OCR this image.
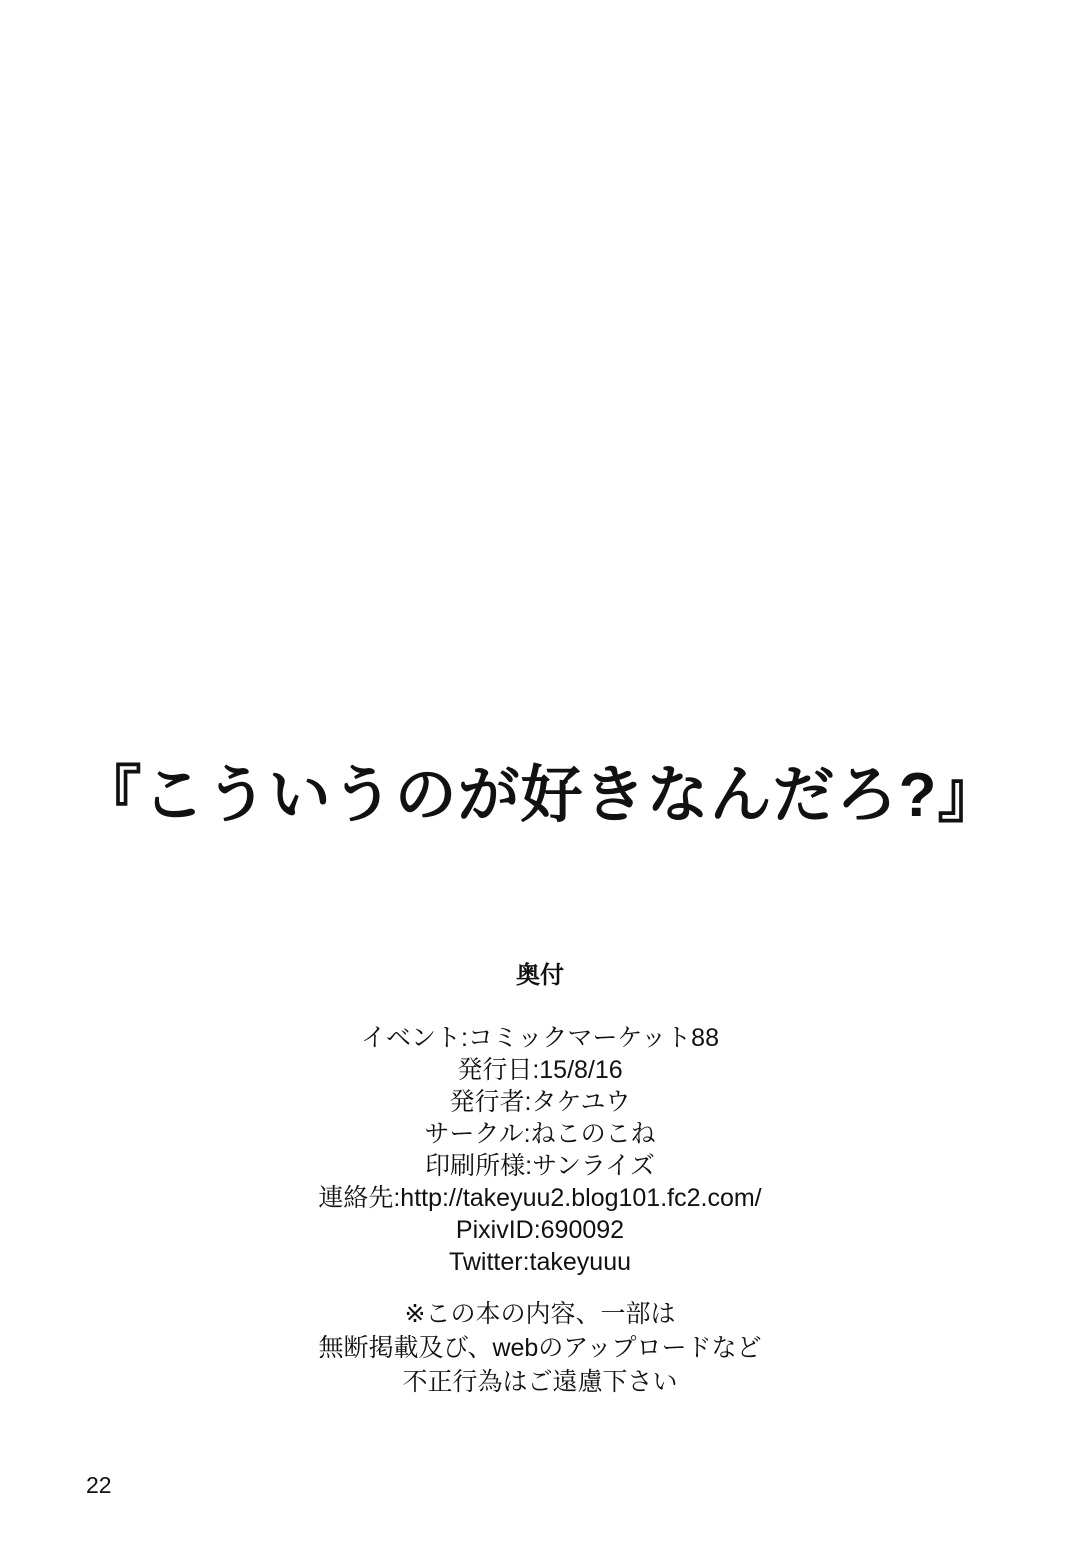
『こういうのが好きなんだろ?』
奥付
イベント:コミックマーケット88
発行日:15/8/16
発行者:タケユウ
サークル:ねこのこね
印刷所様:サンライズ
連絡先:http://takeyuu2.blog101.fc2.com/
PixivID:690092
Twitter:takeyuuu
※この本の内容、一部は
無断掲載及び、webのアップロードなど
不正行為はご遠慮下さい
22
